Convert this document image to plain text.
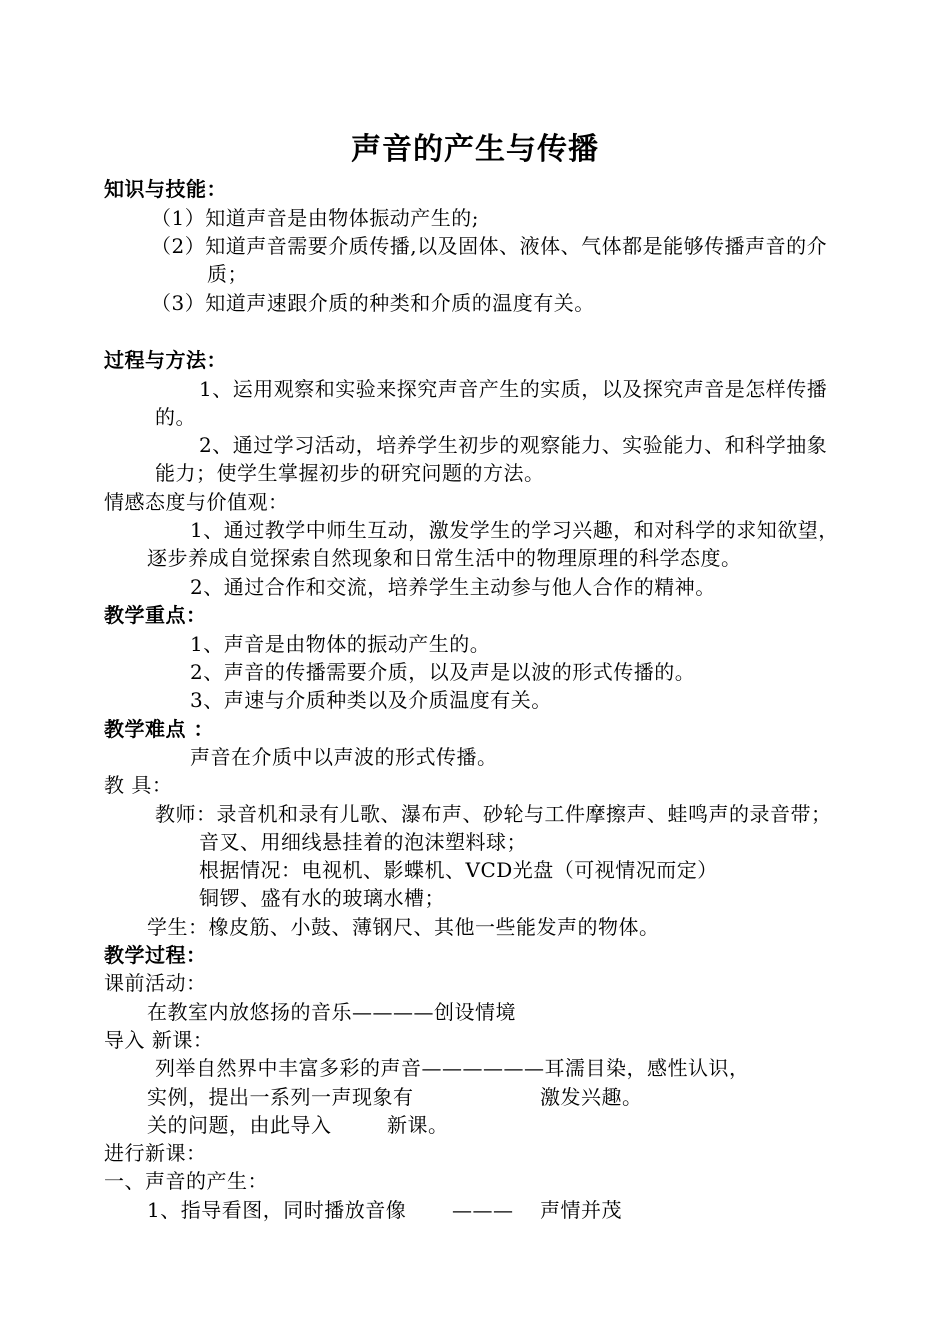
声音的产生与传播
知识与技能：
（1）知道声音是由物体振动产生的;
（2）知道声音需要介质传播,以及固体、液体、气体都是能够传播声音的介
质；
（3）知道声速跟介质的种类和介质的温度有关。
过程与方法：
1、运用观察和实验来探究声音产生的实质，以及探究声音是怎样传播
的。
2、通过学习活动，培养学生初步的观察能力、实验能力、和科学抽象
能力；使学生掌握初步的研究问题的方法。
情感态度与价值观：
1、通过教学中师生互动，激发学生的学习兴趣，和对科学的求知欲望，
逐步养成自觉探索自然现象和日常生活中的物理原理的科学态度。
2、通过合作和交流，培养学生主动参与他人合作的精神。
教学重点：
1、声音是由物体的振动产生的。
2、声音的传播需要介质，以及声是以波的形式传播的。
3、声速与介质种类以及介质温度有关。
教学难点 ：
声音在介质中以声波的形式传播。
教 具：
教师：录音机和录有儿歌、瀑布声、砂轮与工件摩擦声、蛙鸣声的录音带；
音叉、用细线悬挂着的泡沫塑料球；
根据情况：电视机、影蝶机、VCD光盘（可视情况而定）
铜锣、盛有水的玻璃水槽；
学生：橡皮筋、小鼓、薄钢尺、其他一些能发声的物体。
教学过程：
课前活动：
在教室内放悠扬的音乐————创设情境
导入 新课：
列举自然界中丰富多彩的声音——————耳濡目染，感性认识，
实例，提出一系列一声现象有	激发兴趣。
关的问题，由此导入	新课。
进行新课：
一、声音的产生：
1、指导看图，同时播放音像 ——— 声情并茂
